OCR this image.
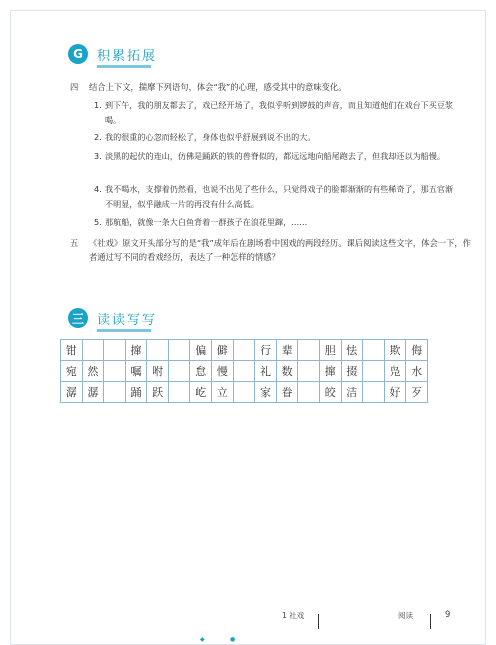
G	积累拓展
四 结合上下文，揣摩下列语句，体会“我”的心理，感受其中的意味变化。
1. 到下午，我的朋友都去了，戏已经开场了，我似乎听到锣鼓的声音，而且知道他们在戏台下买豆浆喝。
2. 我的很重的心忽而轻松了，身体也似乎舒展到说不出的大。
3. 淡黑的起伏的连山，仿佛是踊跃的铁的兽脊似的，都远远地向船尾跑去了，但我却还以为船慢。
4. 我不喝水，支撑着仍然看，也说不出见了些什么，只觉得戏子的脸都渐渐的有些稀奇了，那五官渐不明显，似乎融成一片的再没有什么高低。
5. 那航船，就像一条大白鱼背着一群孩子在浪花里蹿，……
五 《社戏》原文开头部分写的是“我”成年后在剧场看中国戏的两段经历。课后阅读这些文字，体会一下，作者通过写不同的看戏经历，表达了一种怎样的情感？
三	读读写写
钳			撺			偏	僻		行	辈		胆	怯		欺	侮
宛	然		嘱	咐		怠	慢		礼	数		撺	掇		凫	水
潺	潺		踊	跃		屹	立		家	眷		皎	洁		好	歹
1 社戏	阅读	9
◆	●
